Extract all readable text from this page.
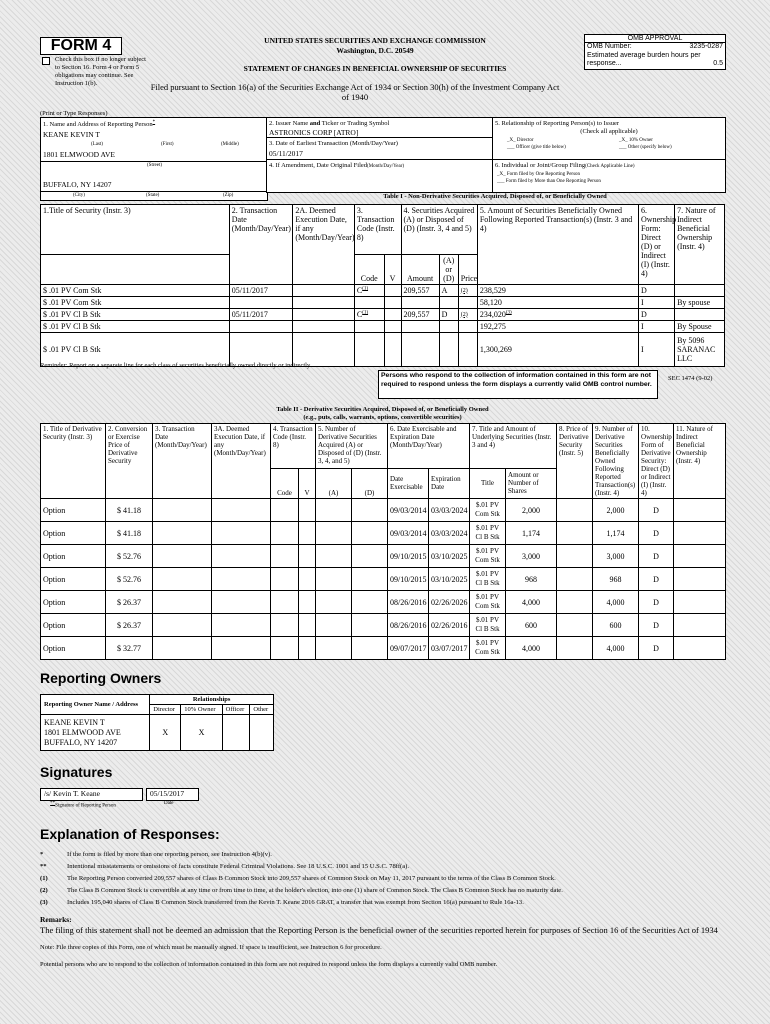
FORM 4
Check this box if no longer subject to Section 16. Form 4 or Form 5 obligations may continue. See Instruction 1(b).
UNITED STATES SECURITIES AND EXCHANGE COMMISSION
Washington, D.C. 20549
STATEMENT OF CHANGES IN BENEFICIAL OWNERSHIP OF SECURITIES
Filed pursuant to Section 16(a) of the Securities Exchange Act of 1934 or Section 30(h) of the Investment Company Act of 1940
OMB APPROVAL
OMB Number:	3235-0287
Estimated average burden hours per response...	0.5
(Print or Type Responses)
1. Name and Address of Reporting Person*
KEANE KEVIN T
(Last)	(First)	(Middle)
1801 ELMWOOD AVE
(Street)
BUFFALO, NY 14207
(City)	(State)	(Zip)
2. Issuer Name and Ticker or Trading Symbol
ASTRONICS CORP [ATRO]
3. Date of Earliest Transaction (Month/Day/Year)
05/11/2017
4. If Amendment, Date Original Filed(Month/Day/Year)
5. Relationship of Reporting Person(s) to Issuer
(Check all applicable)
_X_ Director	_X_ 10% Owner
___ Officer (give title below)	___ Other (specify below)
6. Individual or Joint/Group Filing(Check Applicable Line)
_X_ Form filed by One Reporting Person
___ Form filed by More than One Reporting Person
Table I - Non-Derivative Securities Acquired, Disposed of, or Beneficially Owned
1.Title of Security (Instr. 3)	2. Transaction Date (Month/Day/Year)	2A. Deemed Execution Date, if any (Month/Day/Year)	3. Transaction Code (Instr. 8)		4. Securities Acquired (A) or Disposed of (D) (Instr. 3, 4 and 5)			5. Amount of Securities Beneficially Owned Following Reported Transaction(s) (Instr. 3 and 4)	6. Ownership Form: Direct (D) or Indirect (I) (Instr. 4)	7. Nature of Indirect Beneficial Ownership (Instr. 4)
			Code	V	Amount	(A) or (D)	Price			
$ .01 PV Com Stk	05/11/2017		$C^{(1)}$		209,557	A	(2)	238,529	D	
$ .01 PV Com Stk								58,120	I	By spouse
$ .01 PV Cl B Stk	05/11/2017		$C^{(1)}$		209,557	D	(2)	234,020$^{(3)}$	D	
$ .01 PV Cl B Stk								192,275	I	By Spouse
$ .01 PV Cl B Stk								1,300,269	I	By 5096 SARANAC LLC
Reminder: Report on a separate line for each class of securities beneficially owned directly or indirectly.
Persons who respond to the collection of information contained in this form are not required to respond unless the form displays a currently valid OMB control number.
SEC 1474 (9-02)
Table II - Derivative Securities Acquired, Disposed of, or Beneficially Owned
(e.g., puts, calls, warrants, options, convertible securities)
1. Title of Derivative Security (Instr. 3)	2. Conversion or Exercise Price of Derivative Security	3. Transaction Date (Month/Day/Year)	3A. Deemed Execution Date, if any (Month/Day/Year)	4. Transaction Code (Instr. 8)		5. Number of Derivative Securities Acquired (A) or Disposed of (D) (Instr. 3, 4, and 5)		6. Date Exercisable and Expiration Date (Month/Day/Year)		7. Title and Amount of Underlying Securities (Instr. 3 and 4)		8. Price of Derivative Security (Instr. 5)	9. Number of Derivative Securities Beneficially Owned Following Reported Transaction(s) (Instr. 4)	10. Ownership Form of Derivative Security: Direct (D) or Indirect (I) (Instr. 4)	11. Nature of Indirect Beneficial Ownership (Instr. 4)
				Code	V	(A)	(D)	Date Exercisable	Expiration Date	Title	Amount or Number of Shares				
Option	$ 41.18							09/03/2014	03/03/2024	$.01 PV Com Stk	2,000		2,000	D	
Option	$ 41.18							09/03/2014	03/03/2024	$.01 PV Cl B Stk	1,174		1,174	D	
Option	$ 52.76							09/10/2015	03/10/2025	$.01 PV Com Stk	3,000		3,000	D	
Option	$ 52.76							09/10/2015	03/10/2025	$.01 PV Cl B Stk	968		968	D	
Option	$ 26.37							08/26/2016	02/26/2026	$.01 PV Com Stk	4,000		4,000	D	
Option	$ 26.37							08/26/2016	02/26/2016	$.01 PV Cl B Stk	600		600	D	
Option	$ 32.77							09/07/2017	03/07/2017	$.01 PV Com Stk	4,000		4,000	D	
Reporting Owners
Reporting Owner Name / Address	Relationships			
	Director	10% Owner	Officer	Other

KEANE KEVIN T
1801 ELMWOOD AVE
BUFFALO, NY 14207	X	X		
Signatures
/s/ Kevin T. Keane	05/15/2017
**Signature of Reporting Person
Date
Explanation of Responses:
*	If the form is filed by more than one reporting person, see Instruction 4(b)(v).
**	Intentional misstatements or omissions of facts constitute Federal Criminal Violations. See 18 U.S.C. 1001 and 15 U.S.C. 78ff(a).
(1)	The Reporting Person converted 209,557 shares of Class B Common Stock into 209,557 shares of Common Stock on May 11, 2017 pursuant to the terms of the Class B Common Stock.
(2)	The Class B Common Stock is convertible at any time or from time to time, at the holder's election, into one (1) share of Common Stock. The Class B Common Stock has no maturity date.
(3)	Includes 195,040 shares of Class B Common Stock transferred from the Kevin T. Keane 2016 GRAT, a transfer that was exempt from Section 16(a) pursuant to Rule 16a-13.
Remarks:
The filing of this statement shall not be deemed an admission that the Reporting Person is the beneficial owner of the securities reported herein for purposes of Section 16 of the Securities Act of 1934
Note: File three copies of this Form, one of which must be manually signed. If space is insufficient, see Instruction 6 for procedure.
Potential persons who are to respond to the collection of information contained in this form are not required to respond unless the form displays a currently valid OMB number.
